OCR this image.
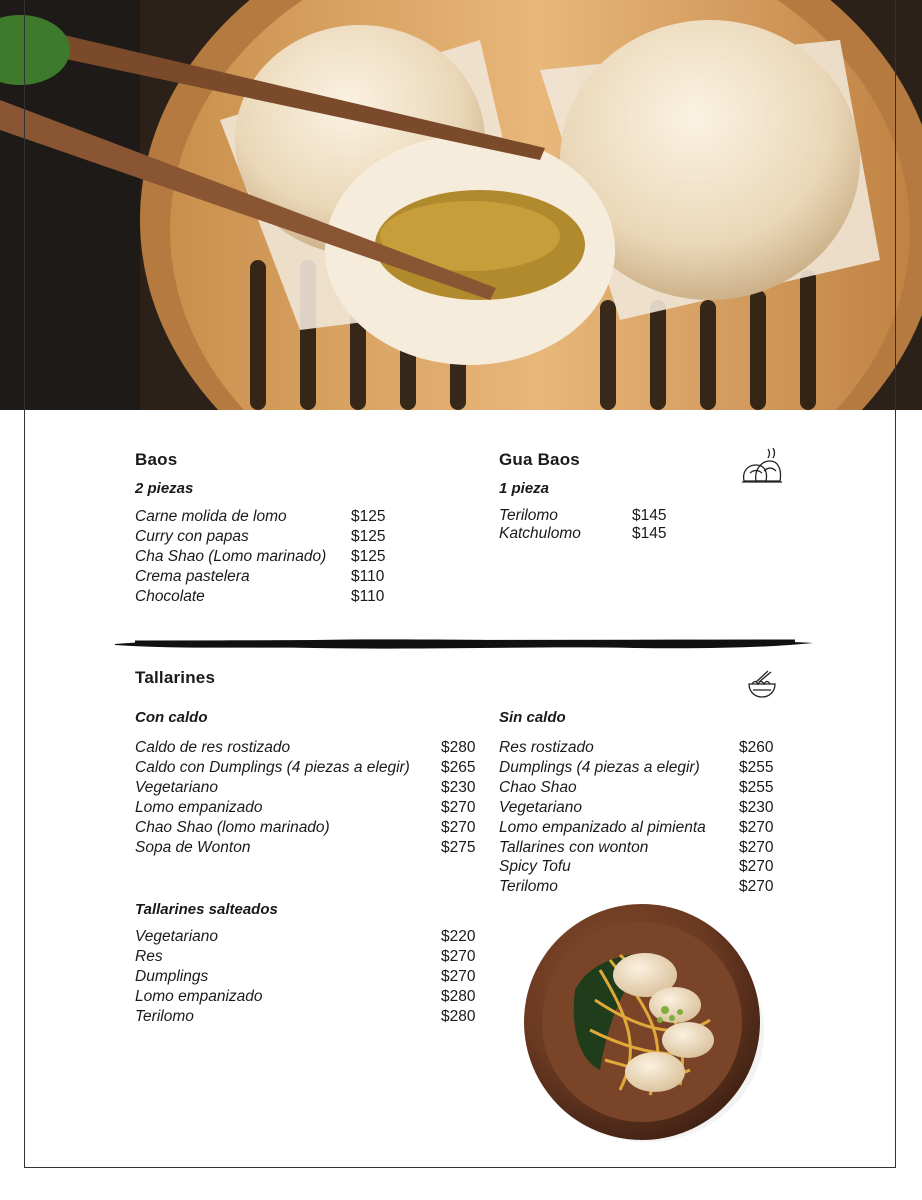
Baos
2 piezas
Carne molida de lomo
Curry con papas
Cha Shao (Lomo marinado)
Crema pastelera
Chocolate
$125
$125
$125
$110
$110
Gua Baos
1 pieza
Terilomo
Katchulomo
$145
$145
Tallarines
Con caldo
Caldo de res rostizado
Caldo con Dumplings (4 piezas a elegir)
Vegetariano
Lomo empanizado
Chao Shao (lomo marinado)
Sopa de Wonton
$280
$265
$230
$270
$270
$275
Sin caldo
Res rostizado
Dumplings (4 piezas a elegir)
Chao Shao
Vegetariano
Lomo empanizado al pimienta
Tallarines con wonton
Spicy Tofu
Terilomo
$260
$255
$255
$230
$270
$270
$270
$270
Tallarines salteados
Vegetariano
Res
Dumplings
Lomo empanizado
Terilomo
$220
$270
$270
$280
$280
